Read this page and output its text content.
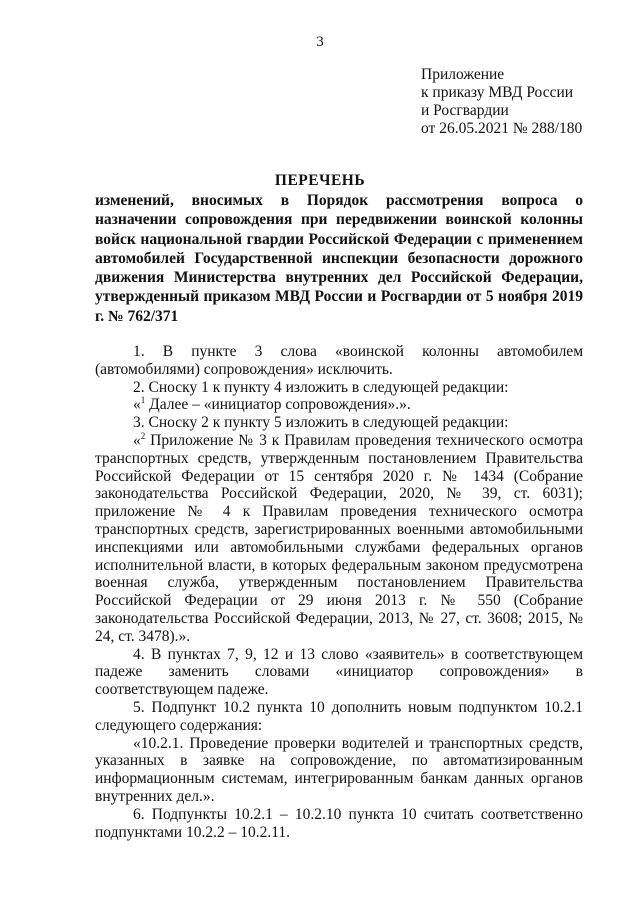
3
Приложение
к приказу МВД России
и Росгвардии
от 26.05.2021 № 288/180
ПЕРЕЧЕНЬ
изменений, вносимых в Порядок рассмотрения вопроса о назначении сопровождения при передвижении воинской колонны войск национальной гвардии Российской Федерации с применением автомобилей Государственной инспекции безопасности дорожного движения Министерства внутренних дел Российской Федерации, утвержденный приказом МВД России и Росгвардии от 5 ноября 2019 г. № 762/371

1. В пункте 3 слова «воинской колонны автомобилем (автомобилями) сопровождения» исключить.

2. Сноску 1 к пункту 4 изложить в следующей редакции:

«$^1$ Далее – «инициатор сопровождения».».

3. Сноску 2 к пункту 5 изложить в следующей редакции:

«$^2$ Приложение № 3 к Правилам проведения технического осмотра транспортных средств, утвержденным постановлением Правительства Российской Федерации от 15 сентября 2020 г. № 1434 (Собрание законодательства Российской Федерации, 2020, № 39, ст. 6031); приложение № 4 к Правилам проведения технического осмотра транспортных средств, зарегистрированных военными автомобильными инспекциями или автомобильными службами федеральных органов исполнительной власти, в которых федеральным законом предусмотрена военная служба, утвержденным постановлением Правительства Российской Федерации от 29 июня 2013 г. № 550 (Собрание законодательства Российской Федерации, 2013, № 27, ст. 3608; 2015, № 24, ст. 3478).».

4. В пунктах 7, 9, 12 и 13 слово «заявитель» в соответствующем падеже заменить словами «инициатор сопровождения» в соответствующем падеже.

5. Подпункт 10.2 пункта 10 дополнить новым подпунктом 10.2.1 следующего содержания:

«10.2.1. Проведение проверки водителей и транспортных средств, указанных в заявке на сопровождение, по автоматизированным информационным системам, интегрированным банкам данных органов внутренних дел.».

6. Подпункты 10.2.1 – 10.2.10 пункта 10 считать соответственно подпунктами 10.2.2 – 10.2.11.
